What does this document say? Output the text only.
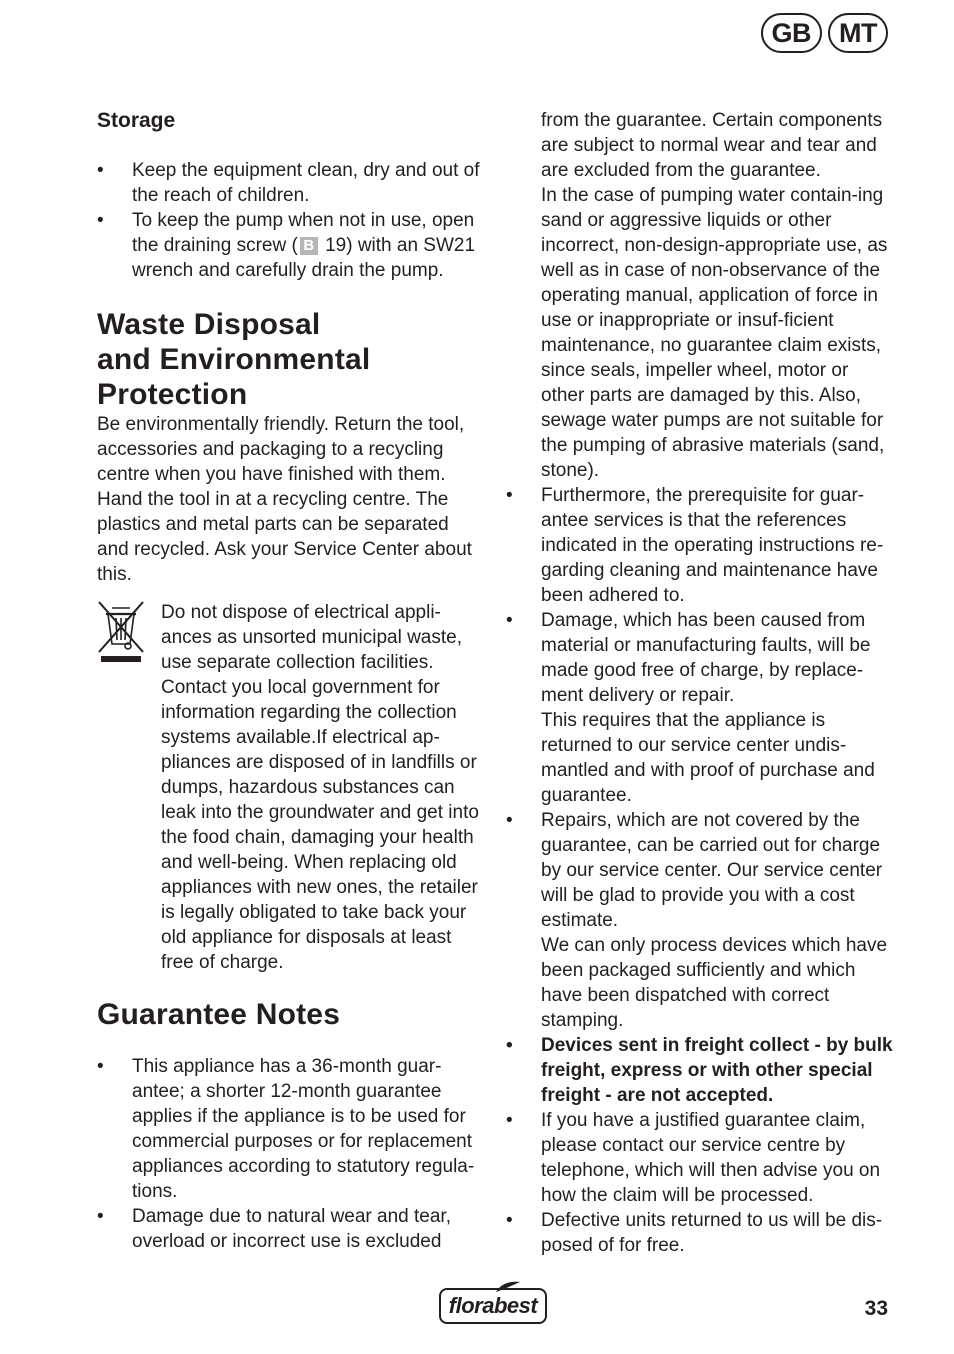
GB	MT

Storage

• Keep the equipment clean, dry and out of the reach of children.
• To keep the pump when not in use, open the draining screw ( B 19) with an SW21 wrench and carefully drain the pump.
Waste Disposal
and Environmental
Protection

Be environmentally friendly. Return the tool, accessories and packaging to a recycling centre when you have finished with them. Hand the tool in at a recycling centre. The plastics and metal parts can be separated and recycled. Ask your Service Center about this.

Do not dispose of electrical appli-ances as unsorted municipal waste, use separate collection facilities. Contact you local government for information regarding the collection systems available.If electrical ap-pliances are disposed of in landfills or dumps, hazardous substances can leak into the groundwater and get into the food chain, damaging your health and well-being. When replacing old appliances with new ones, the retailer is legally obligated to take back your old appliance for disposals at least free of charge.

Guarantee Notes
• This appliance has a 36-month guar-antee; a shorter 12-month guarantee applies if the appliance is to be used for commercial purposes or for replacement appliances according to statutory regula-tions.
• Damage due to natural wear and tear, overload or incorrect use is excluded

from the guarantee. Certain components are subject to normal wear and tear and are excluded from the guarantee.

In the case of pumping water contain-ing sand or aggressive liquids or other incorrect, non-design-appropriate use, as well as in case of non-observance of the operating manual, application of force in use or inappropriate or insuf-ficient maintenance, no guarantee claim exists, since seals, impeller wheel, motor or other parts are damaged by this. Also, sewage water pumps are not suitable for the pumping of abrasive materials (sand, stone).

• Furthermore, the prerequisite for guar-antee services is that the references indicated in the operating instructions re-garding cleaning and maintenance have been adhered to.
• Damage, which has been caused from material or manufacturing faults, will be made good free of charge, by replace-ment delivery or repair.
This requires that the appliance is returned to our service center undis-mantled and with proof of purchase and guarantee.
• Repairs, which are not covered by the guarantee, can be carried out for charge by our service center. Our service center will be glad to provide you with a cost estimate.
We can only process devices which have been packaged sufficiently and which have been dispatched with correct stamping.
• Devices sent in freight collect - by bulk freight, express or with other special freight - are not accepted.
• If you have a justified guarantee claim, please contact our service centre by telephone, which will then advise you on how the claim will be processed.
• Defective units returned to us will be dis-posed of for free.
florabest	33
